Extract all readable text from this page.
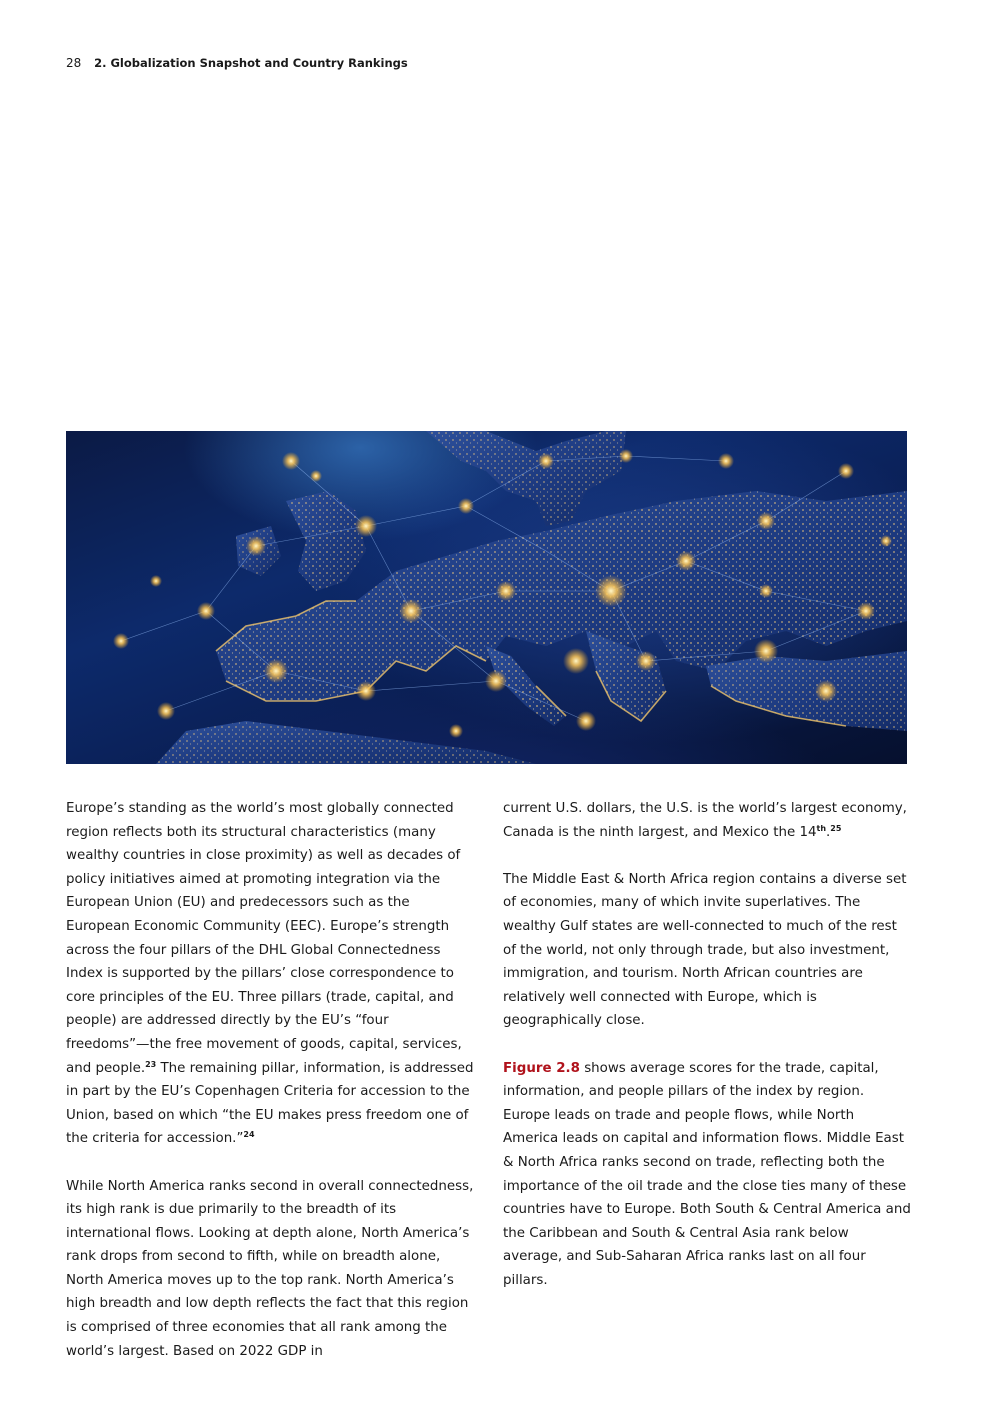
28 2. Globalization Snapshot and Country Rankings

Europe’s standing as the world’s most globally connected region reflects both its structural characteristics (many wealthy countries in close proximity) as well as decades of policy initiatives aimed at promoting integration via the European Union (EU) and predecessors such as the European Economic Community (EEC). Europe’s strength across the four pillars of the DHL Global Connectedness Index is supported by the pillars’ close correspondence to core principles of the EU. Three pillars (trade, capital, and people) are addressed directly by the EU’s “four freedoms”—the free movement of goods, capital, services, and people.$^{23}$ The remaining pillar, information, is addressed in part by the EU’s Copenhagen Criteria for accession to the Union, based on which “the EU makes press freedom one of the criteria for accession.”$^{24}$

While North America ranks second in overall connectedness, its high rank is due primarily to the breadth of its international flows. Looking at depth alone, North America’s rank drops from second to fifth, while on breadth alone, North America moves up to the top rank. North America’s high breadth and low depth reflects the fact that this region is comprised of three economies that all rank among the world’s largest. Based on 2022 GDP in

current U.S. dollars, the U.S. is the world’s largest economy, Canada is the ninth largest, and Mexico the 14th.$^{25}$

The Middle East & North Africa region contains a diverse set of economies, many of which invite superlatives. The wealthy Gulf states are well-connected to much of the rest of the world, not only through trade, but also investment, immigration, and tourism. North African countries are relatively well connected with Europe, which is geographically close.

Figure 2.8 shows average scores for the trade, capital, information, and people pillars of the index by region. Europe leads on trade and people flows, while North America leads on capital and information flows. Middle East & North Africa ranks second on trade, reflecting both the importance of the oil trade and the close ties many of these countries have to Europe. Both South & Central America and the Caribbean and South & Central Asia rank below average, and Sub-Saharan Africa ranks last on all four pillars.
